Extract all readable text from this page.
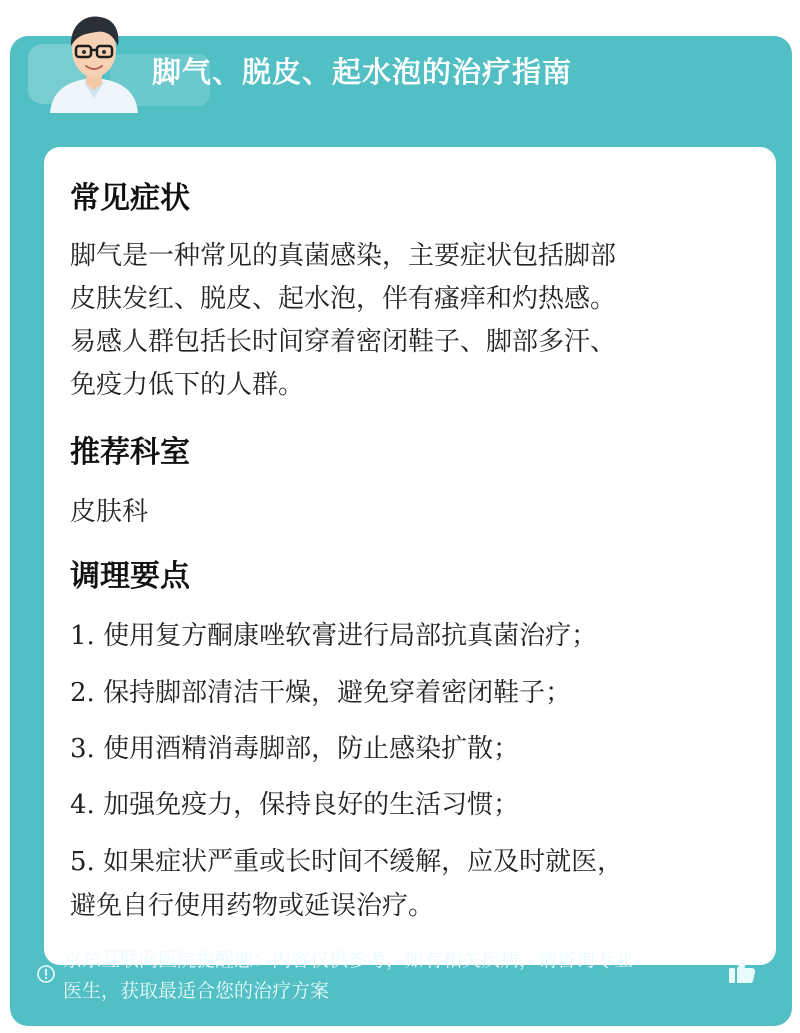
脚气、脱皮、起水泡的治疗指南
常见症状
脚气是一种常见的真菌感染，主要症状包括脚部
皮肤发红、脱皮、起水泡，伴有瘙痒和灼热感。
易感人群包括长时间穿着密闭鞋子、脚部多汗、
免疫力低下的人群。
推荐科室
皮肤科
调理要点
1. 使用复方酮康唑软膏进行局部抗真菌治疗；
2. 保持脚部清洁干燥，避免穿着密闭鞋子；
3. 使用酒精消毒脚部，防止感染扩散；
4. 加强免疫力，保持良好的生活习惯；
5. 如果症状严重或长时间不缓解，应及时就医，
避免自行使用药物或延误治疗。
京东互联网医院提醒您：内容仅供参考，如有相关疾病，请咨询专业
医生，获取最适合您的治疗方案
